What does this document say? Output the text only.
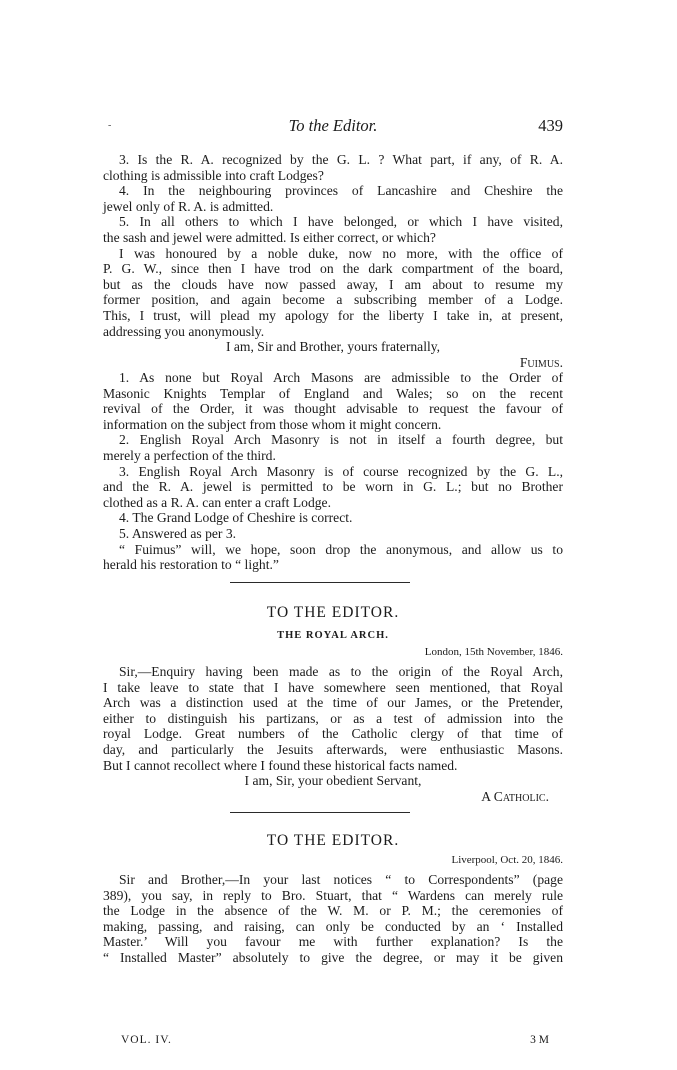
-	To the Editor.	439
3. Is the R. A. recognized by the G. L. ? What part, if any, of R. A.
clothing is admissible into craft Lodges?
4. In the neighbouring provinces of Lancashire and Cheshire the
jewel only of R. A. is admitted.
5. In all others to which I have belonged, or which I have visited,
the sash and jewel were admitted. Is either correct, or which?
I was honoured by a noble duke, now no more, with the office of
P. G. W., since then I have trod on the dark compartment of the board,
but as the clouds have now passed away, I am about to resume my
former position, and again become a subscribing member of a Lodge.
This, I trust, will plead my apology for the liberty I take in, at present,
addressing you anonymously.
I am, Sir and Brother, yours fraternally,
Fuimus.
1. As none but Royal Arch Masons are admissible to the Order of
Masonic Knights Templar of England and Wales; so on the recent
revival of the Order, it was thought advisable to request the favour of
information on the subject from those whom it might concern.
2. English Royal Arch Masonry is not in itself a fourth degree, but
merely a perfection of the third.
3. English Royal Arch Masonry is of course recognized by the G. L.,
and the R. A. jewel is permitted to be worn in G. L.; but no Brother
clothed as a R. A. can enter a craft Lodge.
4. The Grand Lodge of Cheshire is correct.
5. Answered as per 3.
“ Fuimus” will, we hope, soon drop the anonymous, and allow us to
herald his restoration to “ light.”
TO THE EDITOR.
THE ROYAL ARCH.
London, 15th November, 1846.
Sir,—Enquiry having been made as to the origin of the Royal Arch,
I take leave to state that I have somewhere seen mentioned, that Royal
Arch was a distinction used at the time of our James, or the Pretender,
either to distinguish his partizans, or as a test of admission into the
royal Lodge. Great numbers of the Catholic clergy of that time of
day, and particularly the Jesuits afterwards, were enthusiastic Masons.
But I cannot recollect where I found these historical facts named.
I am, Sir, your obedient Servant,
A Catholic.
TO THE EDITOR.
Liverpool, Oct. 20, 1846.
Sir and Brother,—In your last notices “ to Correspondents” (page
389), you say, in reply to Bro. Stuart, that “ Wardens can merely rule
the Lodge in the absence of the W. M. or P. M.; the ceremonies of
making, passing, and raising, can only be conducted by an ‘ Installed
Master.’ Will you favour me with further explanation? Is the
“ Installed Master” absolutely to give the degree, or may it be given
VOL. IV.	3 M
